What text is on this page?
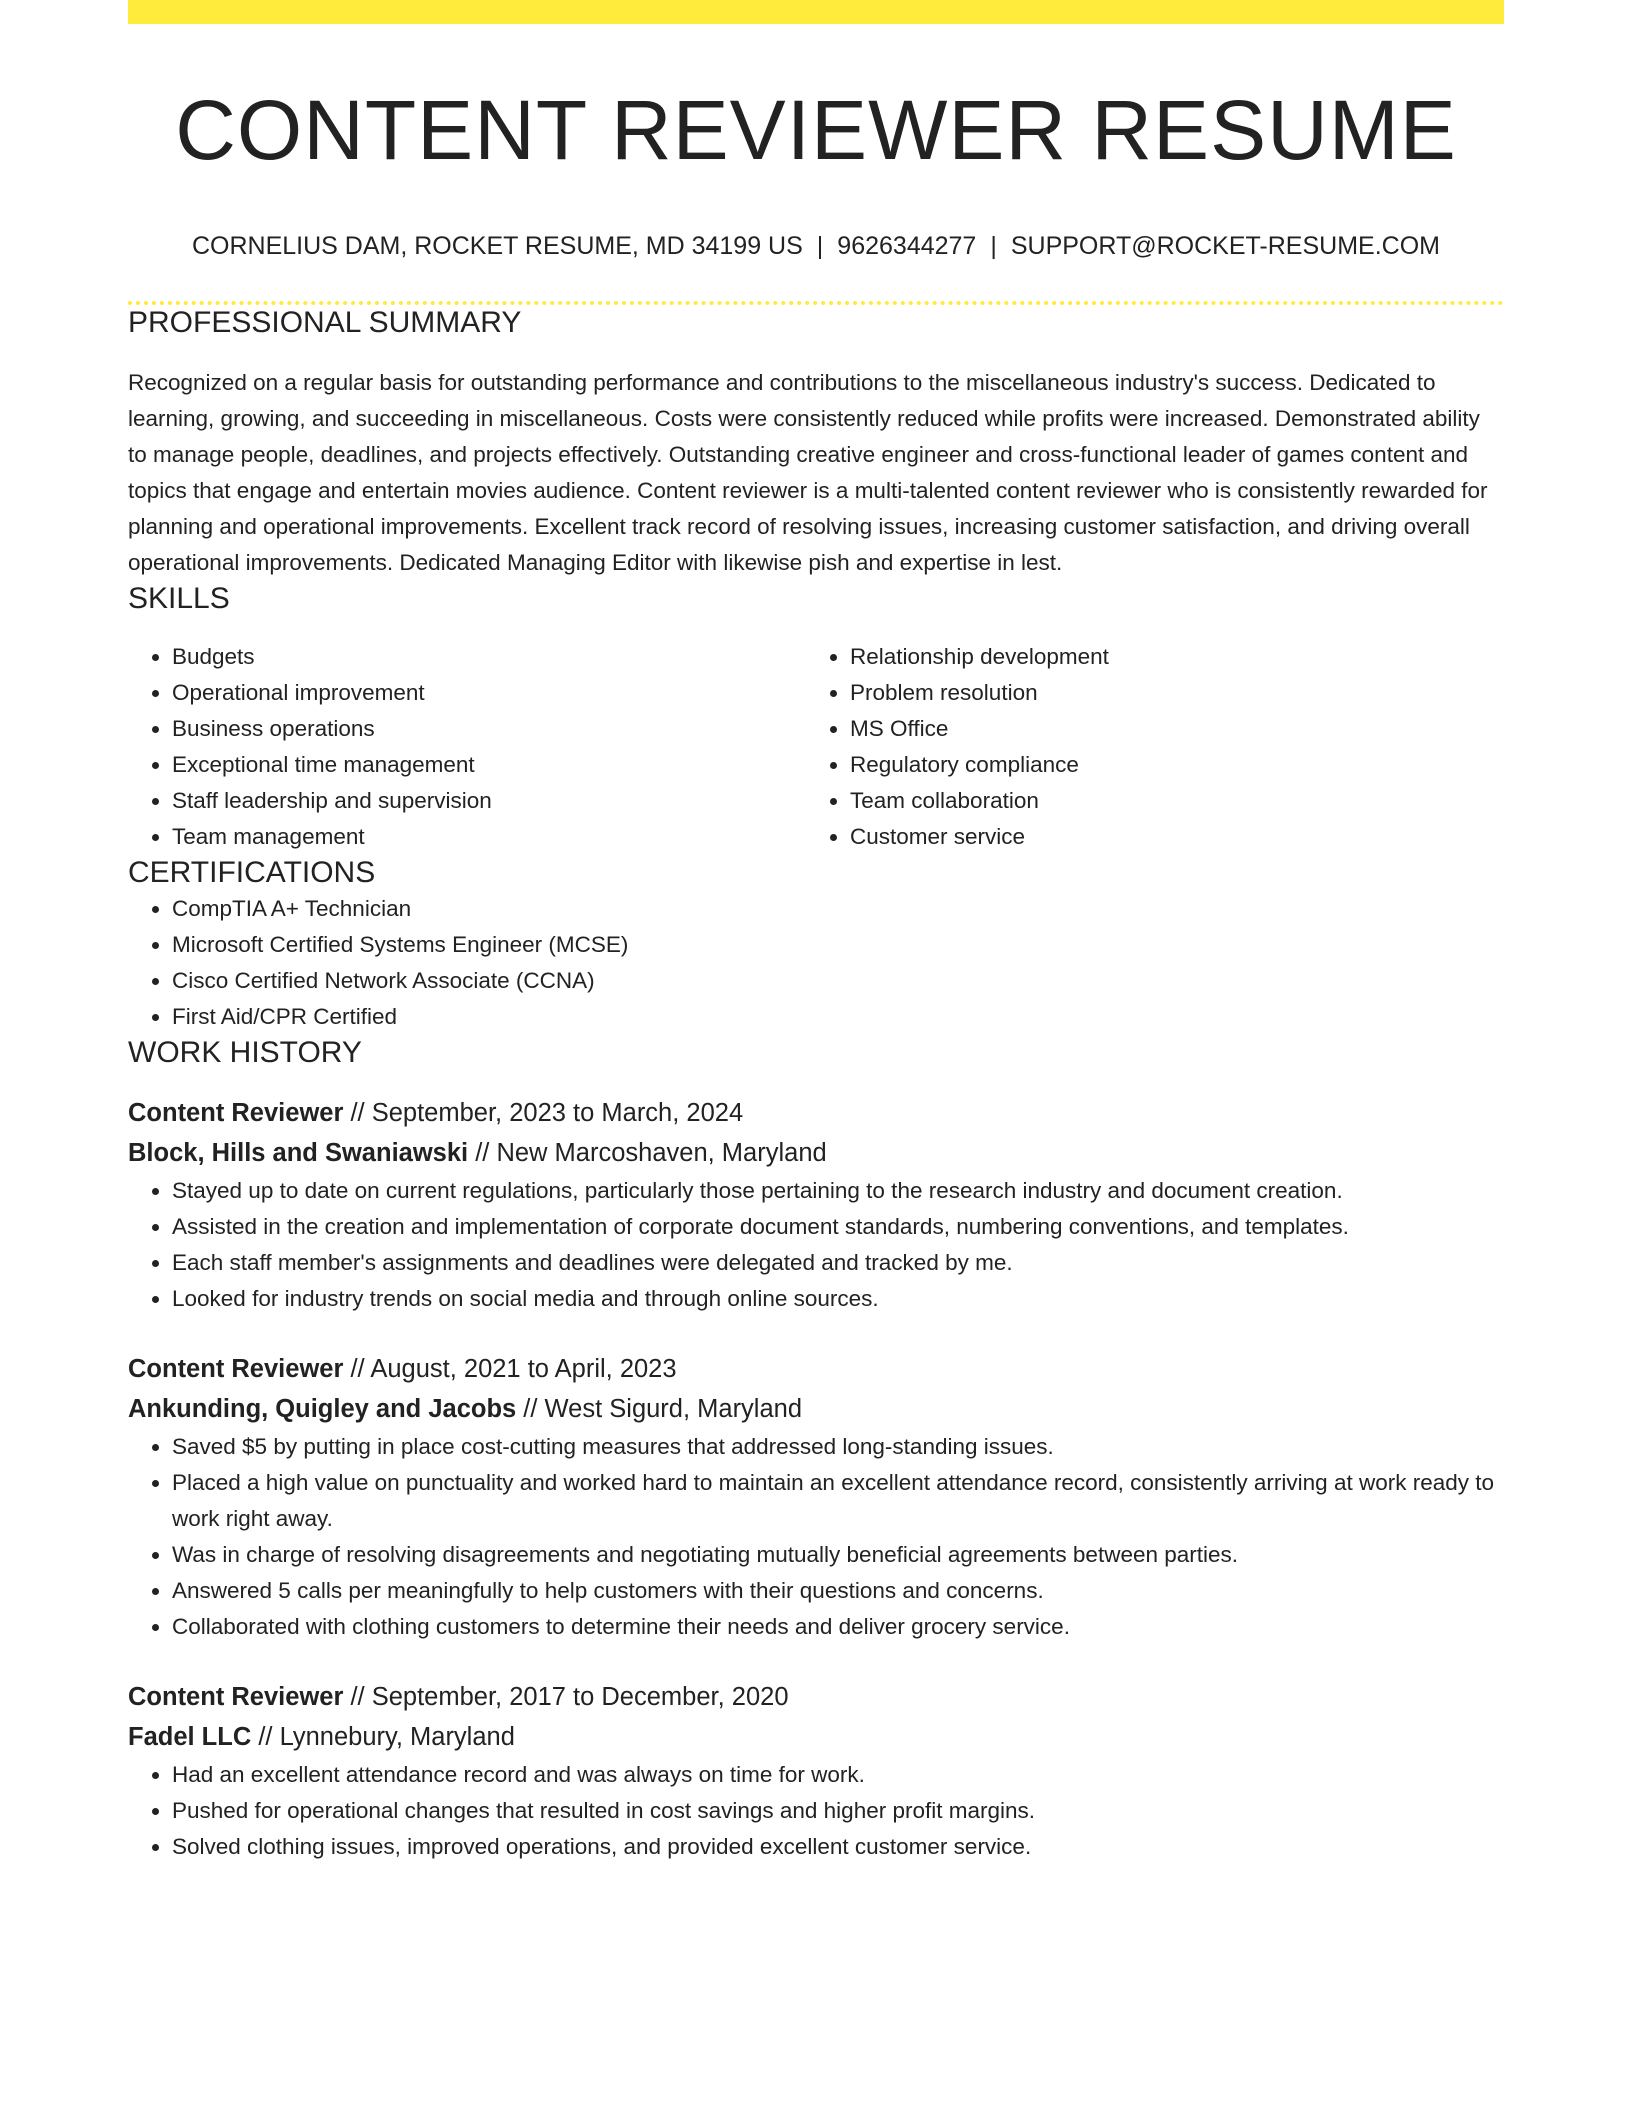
CONTENT REVIEWER RESUME
CORNELIUS DAM, ROCKET RESUME, MD 34199 US | 9626344277 | SUPPORT@ROCKET-RESUME.COM
PROFESSIONAL SUMMARY

Recognized on a regular basis for outstanding performance and contributions to the miscellaneous industry's success. Dedicated to learning, growing, and succeeding in miscellaneous. Costs were consistently reduced while profits were increased. Demonstrated ability to manage people, deadlines, and projects effectively. Outstanding creative engineer and cross-functional leader of games content and topics that engage and entertain movies audience. Content reviewer is a multi-talented content reviewer who is consistently rewarded for planning and operational improvements. Excellent track record of resolving issues, increasing customer satisfaction, and driving overall operational improvements. Dedicated Managing Editor with likewise pish and expertise in lest.

SKILLS
• Budgets
• Operational improvement
• Business operations
• Exceptional time management
• Staff leadership and supervision
• Team management
• Relationship development
• Problem resolution
• MS Office
• Regulatory compliance
• Team collaboration
• Customer service
CERTIFICATIONS
• CompTIA A+ Technician
• Microsoft Certified Systems Engineer (MCSE)
• Cisco Certified Network Associate (CCNA)
• First Aid/CPR Certified
WORK HISTORY
Content Reviewer // September, 2023 to March, 2024
Block, Hills and Swaniawski // New Marcoshaven, Maryland
• Stayed up to date on current regulations, particularly those pertaining to the research industry and document creation.
• Assisted in the creation and implementation of corporate document standards, numbering conventions, and templates.
• Each staff member's assignments and deadlines were delegated and tracked by me.
• Looked for industry trends on social media and through online sources.
Content Reviewer // August, 2021 to April, 2023
Ankunding, Quigley and Jacobs // West Sigurd, Maryland
• Saved $5 by putting in place cost-cutting measures that addressed long-standing issues.
• Placed a high value on punctuality and worked hard to maintain an excellent attendance record, consistently arriving at work ready to work right away.
• Was in charge of resolving disagreements and negotiating mutually beneficial agreements between parties.
• Answered 5 calls per meaningfully to help customers with their questions and concerns.
• Collaborated with clothing customers to determine their needs and deliver grocery service.
Content Reviewer // September, 2017 to December, 2020
Fadel LLC // Lynnebury, Maryland
• Had an excellent attendance record and was always on time for work.
• Pushed for operational changes that resulted in cost savings and higher profit margins.
• Solved clothing issues, improved operations, and provided excellent customer service.
